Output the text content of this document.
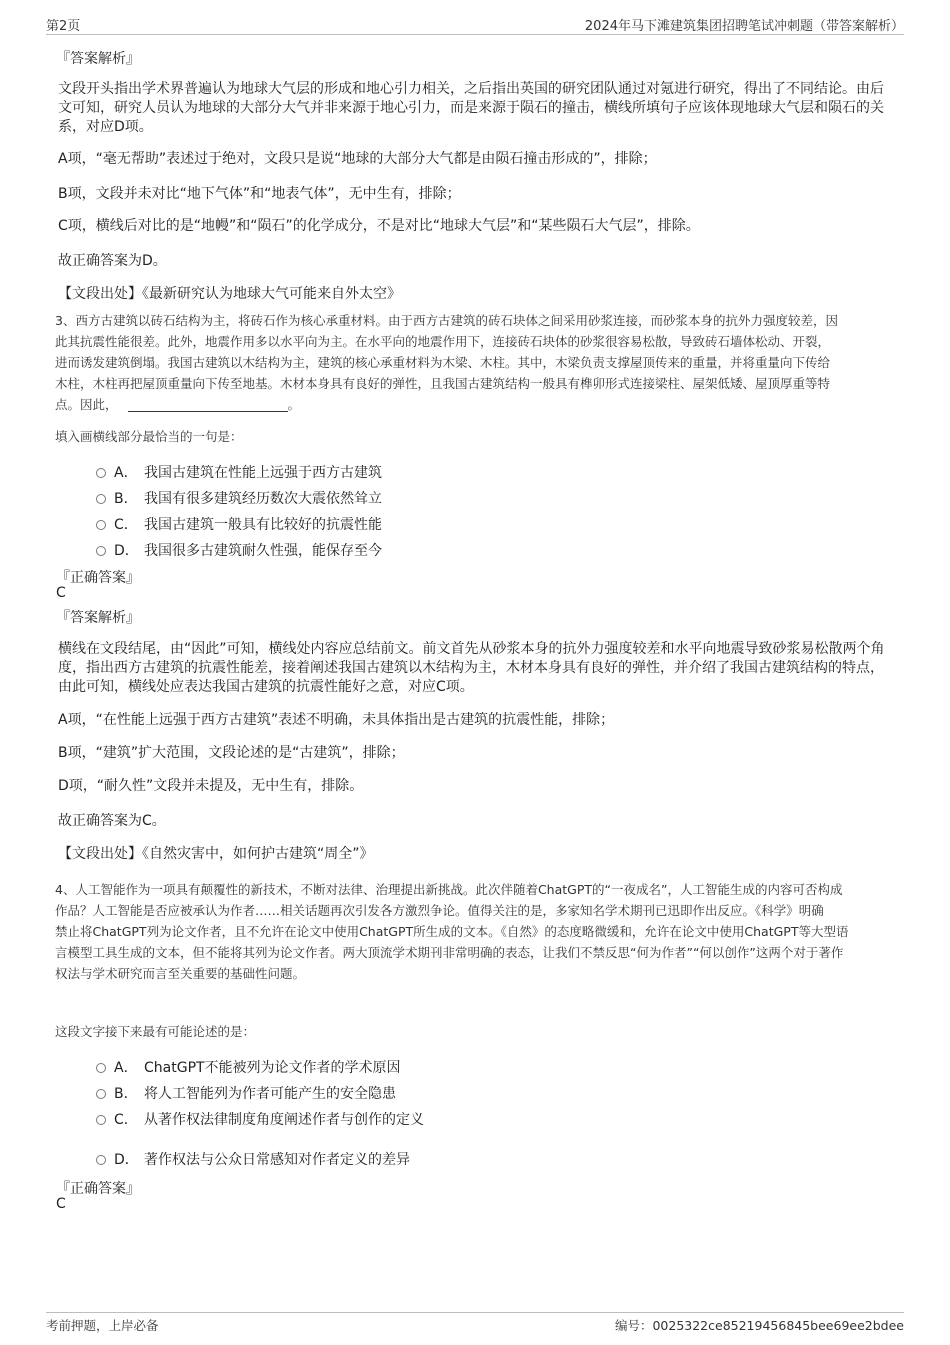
第2页	2024年马下滩建筑集团招聘笔试冲刺题（带答案解析）
『答案解析』
文段开头指出学术界普遍认为地球大气层的形成和地心引力相关，之后指出英国的研究团队通过对氪进行研究，得出了不同结论。由后文可知，研究人员认为地球的大部分大气并非来源于地心引力，而是来源于陨石的撞击，横线所填句子应该体现地球大气层和陨石的关系，对应D项。
A项，“毫无帮助”表述过于绝对，文段只是说“地球的大部分大气都是由陨石撞击形成的”，排除；
B项，文段并未对比“地下气体”和“地表气体”，无中生有，排除；
C项，横线后对比的是“地幔”和“陨石”的化学成分，不是对比“地球大气层”和“某些陨石大气层”，排除。
故正确答案为D。
【文段出处】《最新研究认为地球大气可能来自外太空》
3、西方古建筑以砖石结构为主，将砖石作为核心承重材料。由于西方古建筑的砖石块体之间采用砂浆连接，而砂浆本身的抗外力强度较差，因
此其抗震性能很差。此外，地震作用多以水平向为主。在水平向的地震作用下，连接砖石块体的砂浆很容易松散，导致砖石墙体松动、开裂，
进而诱发建筑倒塌。我国古建筑以木结构为主，建筑的核心承重材料为木梁、木柱。其中，木梁负责支撑屋顶传来的重量，并将重量向下传给
木柱，木柱再把屋顶重量向下传至地基。木材本身具有良好的弹性，且我国古建筑结构一般具有榫卯形式连接梁柱、屋架低矮、屋顶厚重等特
点。因此，	。
填入画横线部分最恰当的一句是：
A． 我国古建筑在性能上远强于西方古建筑
B． 我国有很多建筑经历数次大震依然耸立
C． 我国古建筑一般具有比较好的抗震性能
D． 我国很多古建筑耐久性强，能保存至今
『正确答案』
C
『答案解析』
横线在文段结尾，由“因此”可知，横线处内容应总结前文。前文首先从砂浆本身的抗外力强度较差和水平向地震导致砂浆易松散两个角度，指出西方古建筑的抗震性能差，接着阐述我国古建筑以木结构为主，木材本身具有良好的弹性，并介绍了我国古建筑结构的特点，由此可知，横线处应表达我国古建筑的抗震性能好之意，对应C项。
A项，“在性能上远强于西方古建筑”表述不明确，未具体指出是古建筑的抗震性能，排除；
B项，“建筑”扩大范围，文段论述的是“古建筑”，排除；
D项，“耐久性”文段并未提及，无中生有，排除。
故正确答案为C。
【文段出处】《自然灾害中，如何护古建筑“周全”》
4、人工智能作为一项具有颠覆性的新技术，不断对法律、治理提出新挑战。此次伴随着ChatGPT的“一夜成名”，人工智能生成的内容可否构成
作品？人工智能是否应被承认为作者……相关话题再次引发各方激烈争论。值得关注的是，多家知名学术期刊已迅即作出反应。《科学》明确
禁止将ChatGPT列为论文作者，且不允许在论文中使用ChatGPT所生成的文本。《自然》的态度略微缓和，允许在论文中使用ChatGPT等大型语
言模型工具生成的文本，但不能将其列为论文作者。两大顶流学术期刊非常明确的表态，让我们不禁反思“何为作者”“何以创作”这两个对于著作
权法与学术研究而言至关重要的基础性问题。
这段文字接下来最有可能论述的是：
A． ChatGPT不能被列为论文作者的学术原因
B． 将人工智能列为作者可能产生的安全隐患
C． 从著作权法律制度角度阐述作者与创作的定义
D． 著作权法与公众日常感知对作者定义的差异
『正确答案』
C
考前押题，上岸必备	编号：0025322ce85219456845bee69ee2bdee
